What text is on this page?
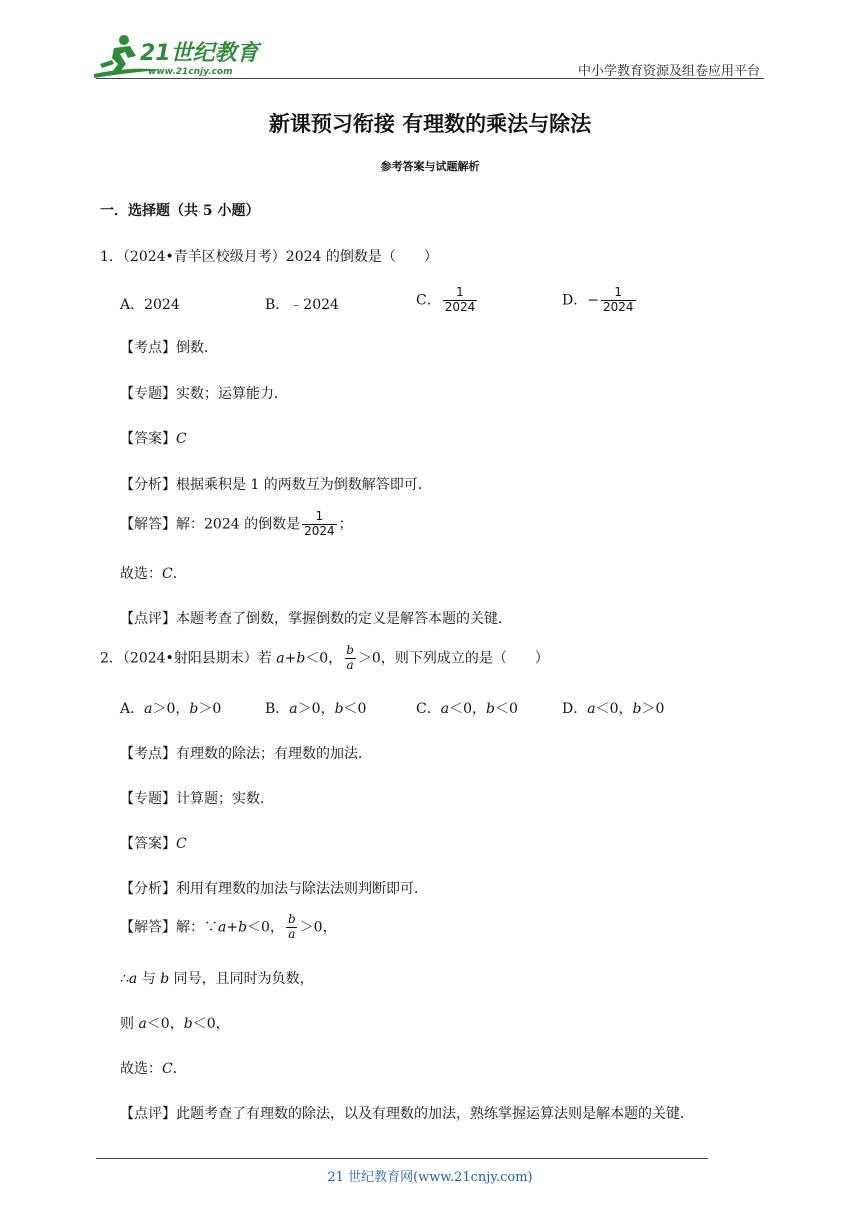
21世纪教育
www.21cnjy.com	中小学教育资源及组卷应用平台
新课预习衔接 有理数的乘法与除法
参考答案与试题解析
一．选择题（共 5 小题）
1．（2024•青羊区校级月考）2024 的倒数是（　　）
A．2024	B．﹣2024	C． $\frac{1}{2024}$	D．− $\frac{1}{2024}$
【考点】倒数．
【专题】实数；运算能力．
【答案】C
【分析】根据乘积是 1 的两数互为倒数解答即可．
【解答】解：2024 的倒数是 $\frac{1}{2024}$ ；
故选：C．
【点评】本题考查了倒数，掌握倒数的定义是解答本题的关键．
2．（2024•射阳县期末）若 a+b＜0， $\frac{b}{a} >0$，则下列成立的是（　　）
A．a＞0，b＞0	B．a＞0，b＜0	C．a＜0，b＜0	D．a＜0，b＞0
【考点】有理数的除法；有理数的加法．
【专题】计算题；实数．
【答案】C
【分析】利用有理数的加法与除法法则判断即可．
【解答】解：∵a+b＜0， $\frac{b}{a} >0$，
∴a 与 b 同号，且同时为负数，
则 a＜0，b＜0，
故选：C．
【点评】此题考查了有理数的除法，以及有理数的加法，熟练掌握运算法则是解本题的关键．
21 世纪教育网(www.21cnjy.com)
